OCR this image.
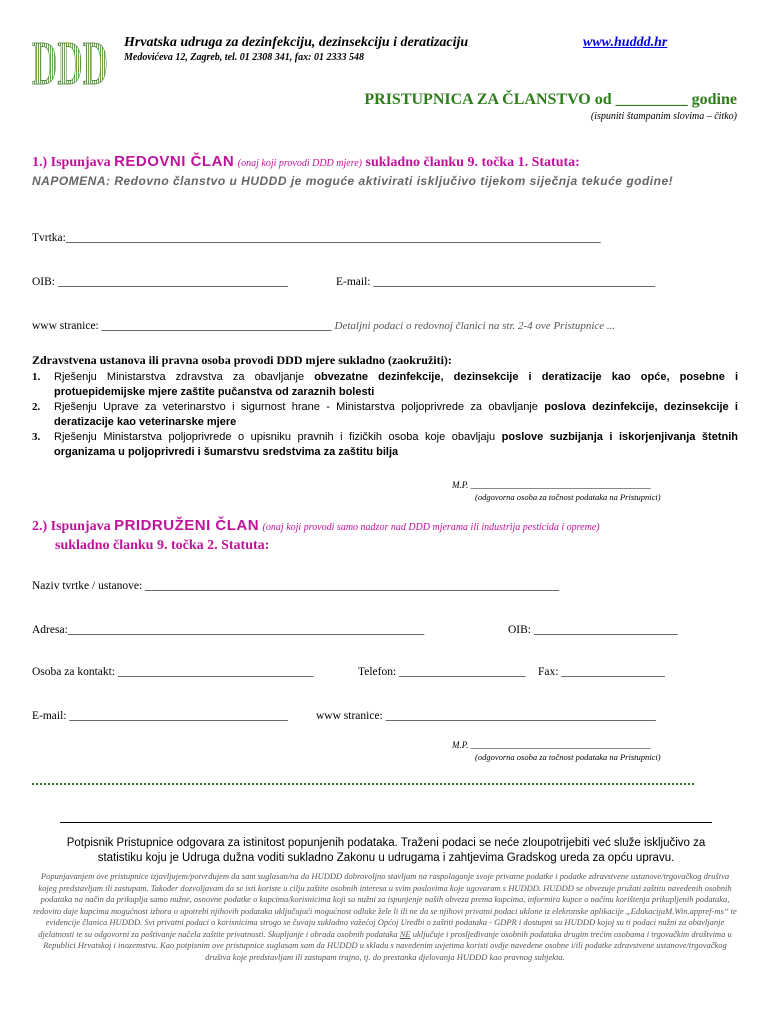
DDD Hrvatska udruga za dezinfekciju, dezinsekciju i deratizaciju	www.huddd.hr
Medovićeva 12, Zagreb, tel. 01 2308 341, fax: 01 2333 548
PRISTUPNICA ZA ČLANSTVO od _________ godine
(ispuniti štampanim slovima – čitko)
1.) Ispunjava REDOVNI ČLAN (onaj koji provodi DDD mjere) sukladno članku 9. točka 1. Statuta:
NAPOMENA: Redovno članstvo u HUDDD je moguće aktivirati isključivo tijekom siječnja tekuće godine!
Tvrtka:_____________________________________________________________________________________________
OIB: ________________________________________	E-mail: _________________________________________________
www stranice: ________________________________________ Detaljni podaci o redovnoj članici na str. 2-4 ove Pristupnice ...
Zdravstvena ustanova ili pravna osoba provodi DDD mjere sukladno (zaokružiti):
1. Rješenju Ministarstva zdravstva za obavljanje obvezatne dezinfekcije, dezinsekcije i deratizacije kao opće, posebne i protuepidemijske mjere zaštite pučanstva od zaraznih bolesti
2. Rješenju Uprave za veterinarstvo i sigurnost hrane - Ministarstva poljoprivrede za obavljanje poslova dezinfekcije, dezinsekcije i deratizacije kao veterinarske mjere
3. Rješenju Ministarstva poljoprivrede o upisniku pravnih i fizičkih osoba koje obavljaju poslove suzbijanja i iskorjenjivanja štetnih organizama u poljoprivredi i šumarstvu sredstvima za zaštitu bilja
M.P. ________________________________________
(odgovorna osoba za točnost podataka na Pristupnici)
2.) Ispunjava PRIDRUŽENI ČLAN (onaj koji provodi samo nadzor nad DDD mjerama ili industrija pesticida i opreme)
sukladno članku 9. točka 2. Statuta:
Naziv tvrtke / ustanove: ________________________________________________________________________
Adresa:______________________________________________________________	OIB: _________________________
Osoba za kontakt: __________________________________	Telefon: ______________________ Fax: __________________
E-mail: ______________________________________ www stranice: _______________________________________________
M.P. ________________________________________
(odgovorna osoba za točnost podataka na Pristupnici)
Potpisnik Pristupnice odgovara za istinitost popunjenih podataka. Traženi podaci se neće zloupotrijebiti već služe isključivo za statistiku koju je Udruga dužna voditi sukladno Zakonu u udrugama i zahtjevima Gradskog ureda za opću upravu.
Popunjavanjem ove pristupnice izjavljujem/potvrđujem da sam suglasan/na da HUDDD dobrovoljno stavljam na raspolaganje svoje privatne podatke i podatke zdravstvene ustanove/trgovačkog društva kojeg predstavljam ili zastupam. Također dozvoljavam da se isti koriste u cilju zaštite osobnih interesa u svim poslovima koje ugovaram s HUDDD. HUDDD se obvezuje pružati zaštitu navedenih osobnih podataka na način da prikuplja samo nužne, osnovne podatke o kupcima/korisnicima koji su nužni za ispunjenje naših obveza prema kupcima, informira kupce o načinu korištenja prikupljenih podataka, redovito daje kupcima mogućnost izbora o upotrebi njihovih podataka uključujući mogućnost odluke žele li ili ne da se njihovi privatni podaci uklone iz elekronske aplikacije „EdukacijaM.Win.appref-ms“ te evidencije članica HUDDD. Svi privatni podaci o korisnicima strogo se čuvaju sukladno važećoj Općoj Uredbi o zaštiti podataka - GDPR i dostupni su HUDDD kojoj su ti podaci nužni za obavljanje djelatnosti te su odgovorni za poštivanje načela zaštite privatnosti. Skupljanje i obrada osobnih podataka NE uključuje i prosljeđivanje osobnih podataka drugim trećim osobama i trgovačkim društvima u Republici Hrvatskoj i inozemstvu. Kao potpisnim ove pristupnice suglasam sam da HUDDD u skladu s navedenim uvjetima koristi ovdje navedene osobne i/ili podatke zdravstvene ustanove/trgovačkog društva koje predstavljam ili zastupam trajno, tj. do prestanka djelovanja HUDDD kao pravnog subjekta.
